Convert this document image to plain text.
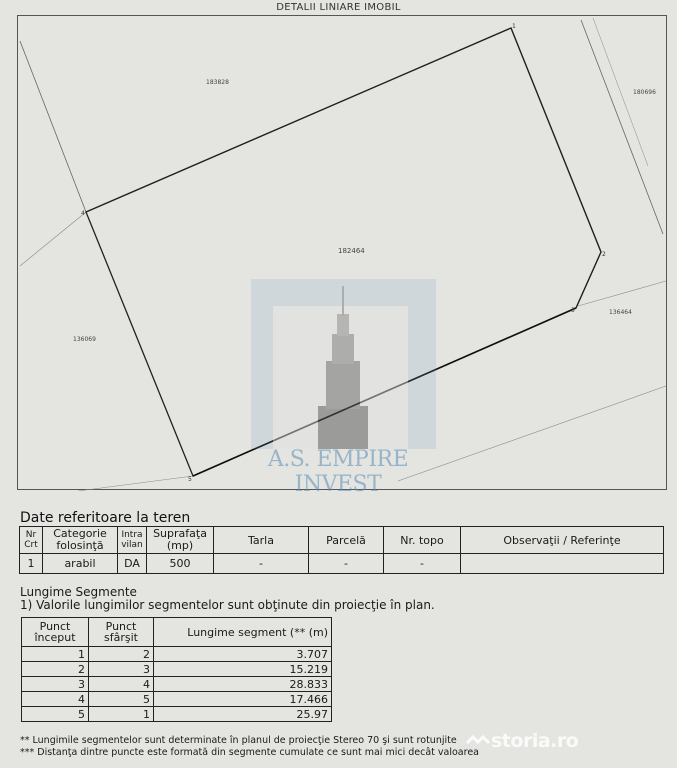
DETALII LINIARE IMOBIL
183828
180696
136069
136464
182464	2
3
5
4
1
A.S. EMPIRE INVEST
Date referitoare la teren
Nr Crt	Categorie folosinţă	Intra vilan	Suprafaţa (mp)	Tarla	Parcelă	Nr. topo	Observaţii / Referinţe
1	arabil	DA	500	-	-	-	
Lungime Segmente
1) Valorile lungimilor segmentelor sunt obţinute din proiecţie în plan.
Punct început	Punct sfârşit	Lungime segment (** (m)
1	2	3.707
2	3	15.219
3	4	28.833
4	5	17.466
5	1	25.97
** Lungimile segmentelor sunt determinate în planul de proiecţie Stereo 70 şi sunt rotunjite
*** Distanţa dintre puncte este formată din segmente cumulate ce sunt mai mici decât valoarea
storia.ro
